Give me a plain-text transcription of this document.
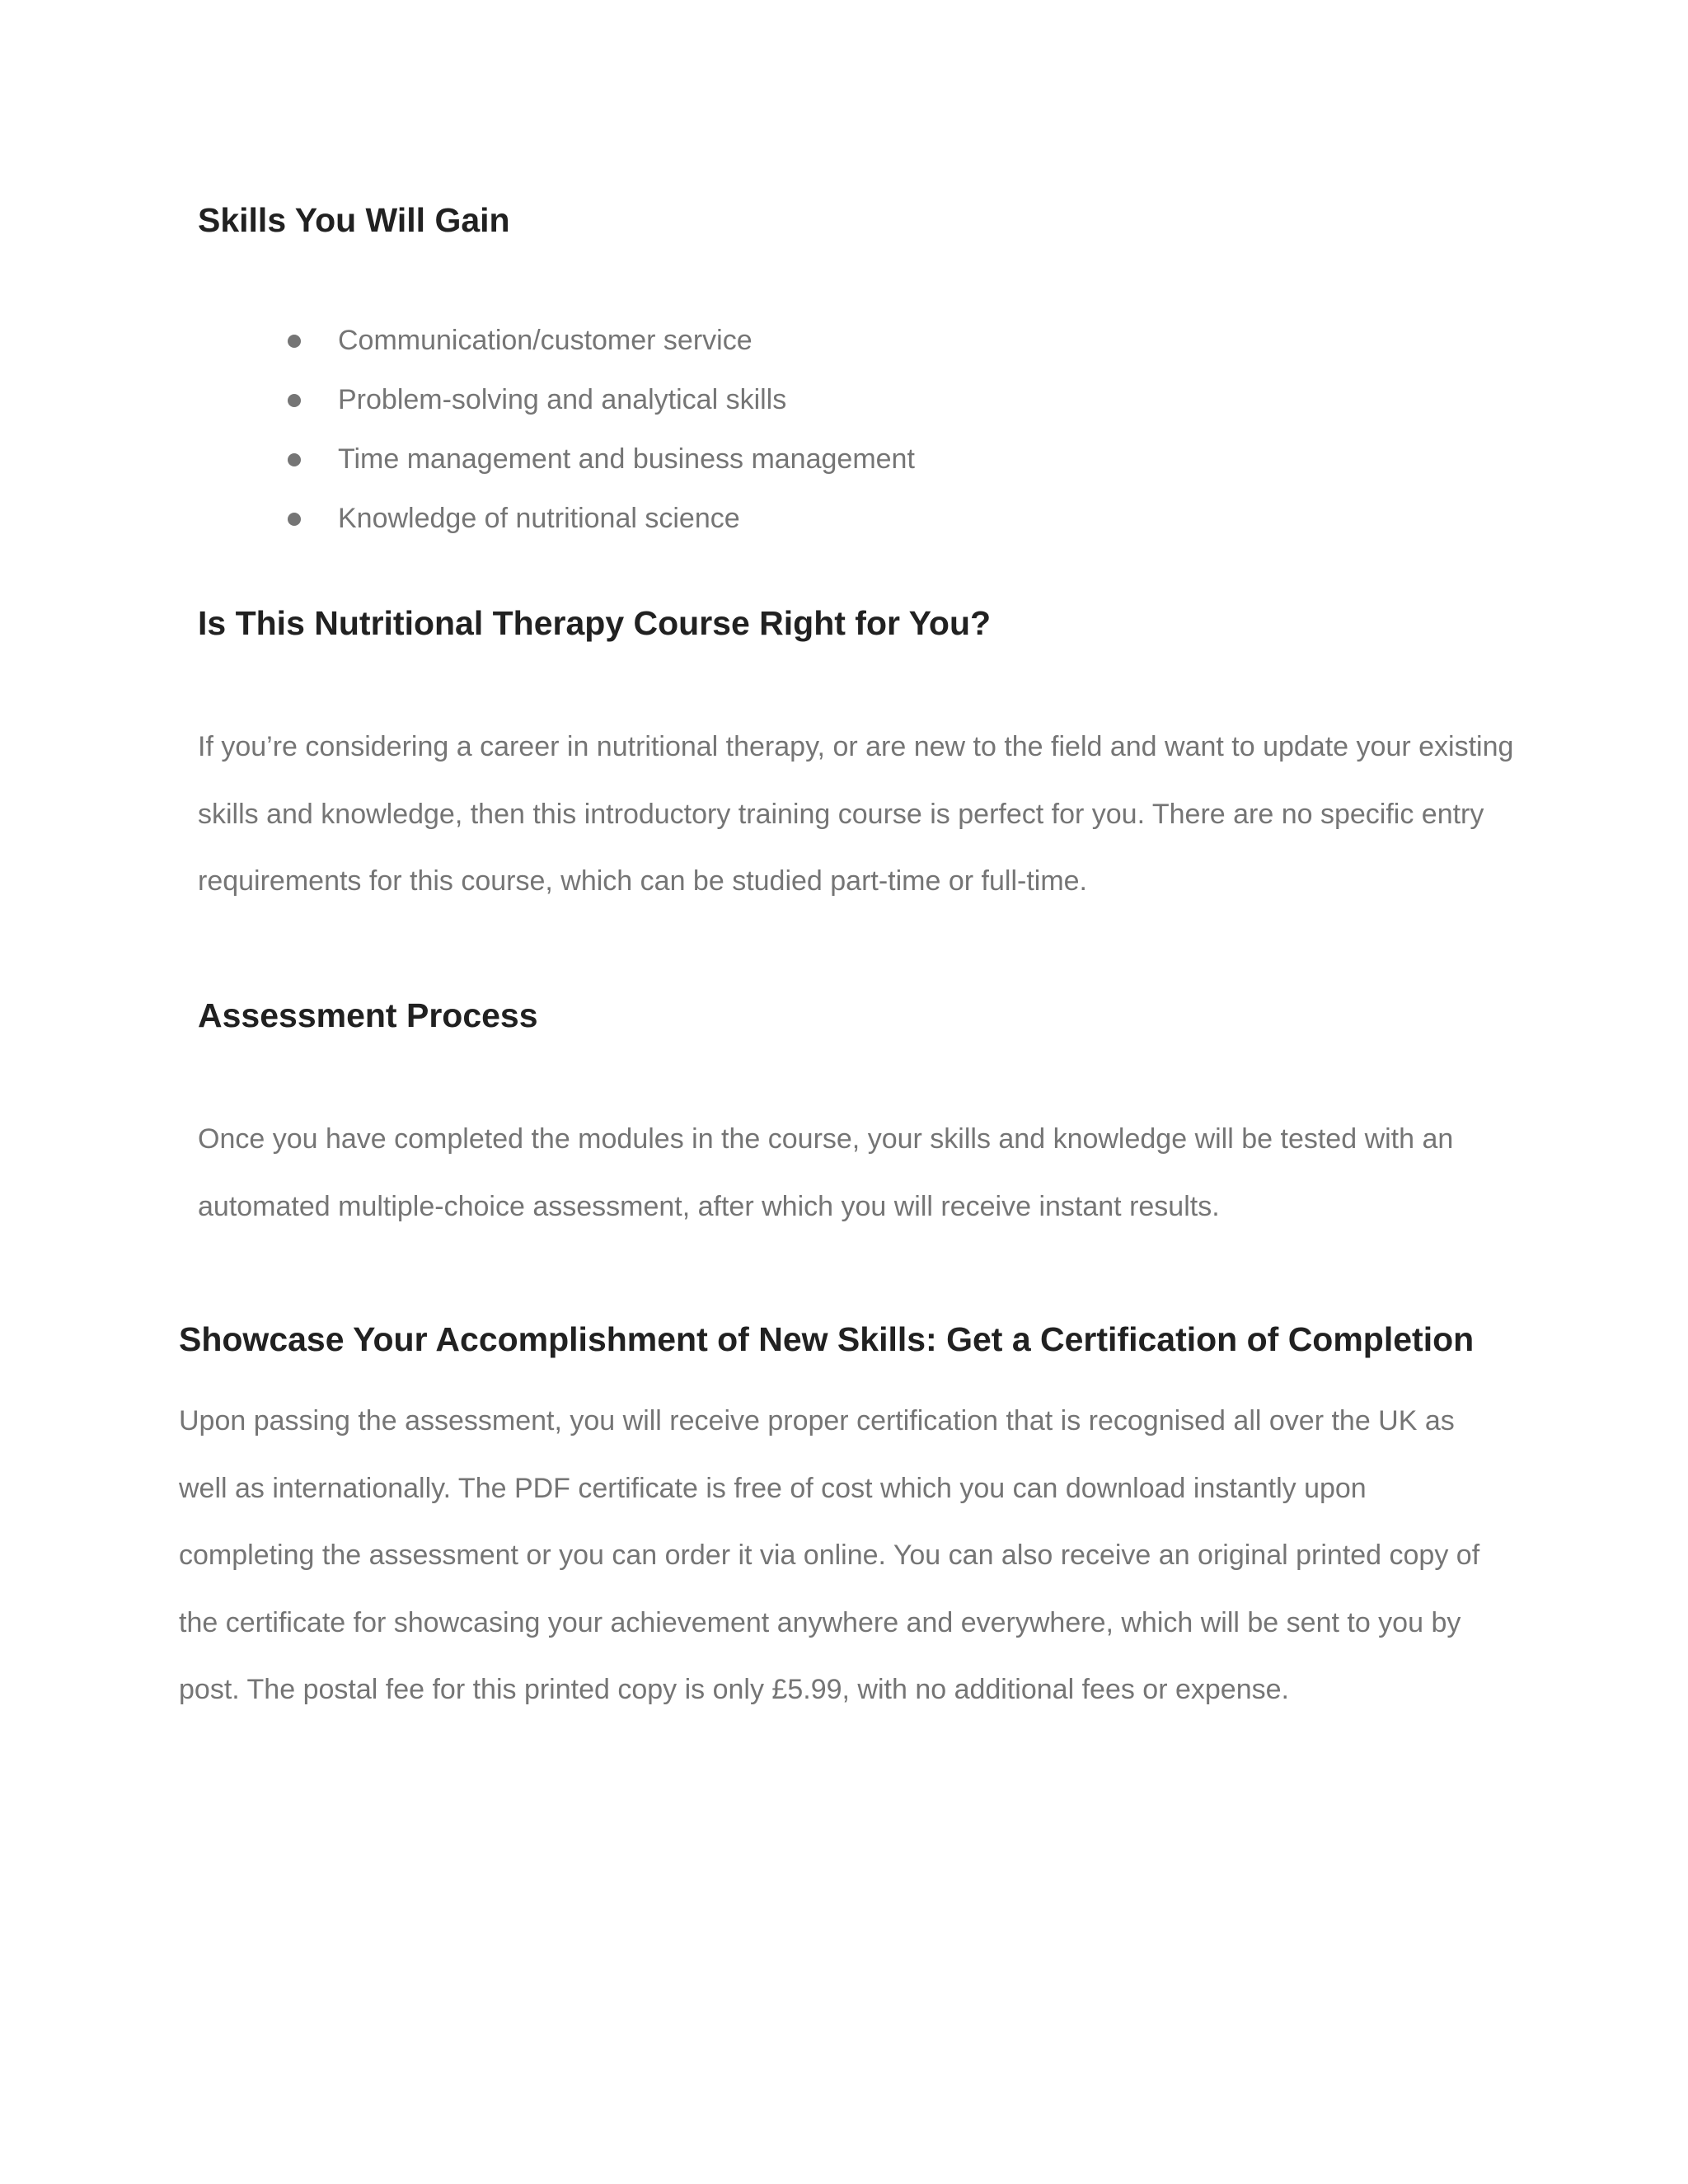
Skills You Will Gain
Communication/customer service
Problem-solving and analytical skills
Time management and business management
Knowledge of nutritional science
Is This Nutritional Therapy Course Right for You?

If you’re considering a career in nutritional therapy, or are new to the field and want to update your existing skills and knowledge, then this introductory training course is perfect for you. There are no specific entry requirements for this course, which can be studied part-time or full-time.

Assessment Process

Once you have completed the modules in the course, your skills and knowledge will be tested with an automated multiple-choice assessment, after which you will receive instant results.

Showcase Your Accomplishment of New Skills: Get a Certification of Completion

Upon passing the assessment, you will receive proper certification that is recognised all over the UK as well as internationally. The PDF certificate is free of cost which you can download instantly upon completing the assessment or you can order it via online. You can also receive an original printed copy of the certificate for showcasing your achievement anywhere and everywhere, which will be sent to you by post. The postal fee for this printed copy is only £5.99, with no additional fees or expense.
